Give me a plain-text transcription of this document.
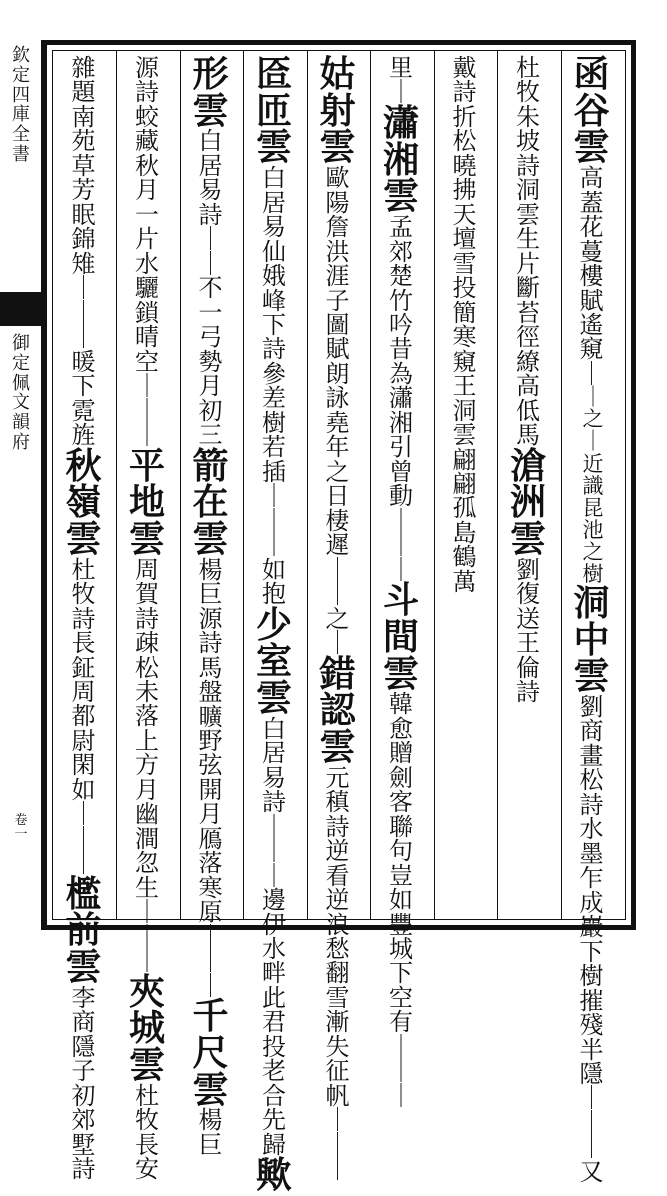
欽
定
四
庫
全
書
御
定
佩
文
韻
府
卷
一
函
谷
雲
高
蓋
花
蔓
樓
賦
遙
窺
｜
｜
之
｜
近
識
昆
池
之
樹
洞
中
雲
劉
商
畫
松
詩
水
墨
乍
成
巖
下
樹
摧
殘
半
隱
｜
｜
｜
又
杜
牧
朱
坡
詩
洞
雲
生
片
斷
苔
徑
繚
高
低
馬
滄
洲
雲
劉
復
送
王
倫
詩
戴
詩
折
松
曉
拂
天
壇
雪
投
簡
寒
窺
王
洞
雲
翩
翩
孤
島
鶴
萬
里
｜
瀟
湘
雲
孟
郊
楚
竹
吟
昔
為
瀟
湘
引
曾
動
｜
｜
｜
斗
間
雲
韓
愈
贈
劍
客
聯
句
豈
如
豐
城
下
空
有
｜
｜
｜
姑
射
雲
歐
陽
詹
洪
涯
子
圖
賦
朗
詠
堯
年
之
日
棲
遲
｜
｜
之
｜
錯
認
雲
元
稹
詩
逆
看
逆
浪
愁
翻
雪
漸
失
征
帆
｜
｜
｜
匼
匝
雲
白
居
易
仙
娥
峰
下
詩
參
差
樹
若
插
｜
｜
｜
如
抱
少
室
雲
白
居
易
詩
｜
｜
｜
邊
伊
水
畔
此
君
投
老
合
先
歸
歟
形
雲
白
居
易
詩
｜
｜
不
一
弓
勢
月
初
三
箭
在
雲
楊
巨
源
詩
馬
盤
曠
野
弦
開
月
鴈
落
寒
原
｜
｜
｜
千
尺
雲
楊
巨
源
詩
蛟
藏
秋
月
一
片
水
驪
鎖
晴
空
｜
｜
｜
平
地
雲
周
賀
詩
疎
松
未
落
上
方
月
幽
澗
忽
生
｜
｜
｜
夾
城
雲
杜
牧
長
安
雜
題
南
苑
草
芳
眠
錦
雉
｜
｜
｜
暖
下
霓
旌
秋
嶺
雲
杜
牧
詩
長
鉦
周
都
尉
閑
如
｜
｜
｜
檻
前
雲
李
商
隱
子
初
郊
墅
詩
